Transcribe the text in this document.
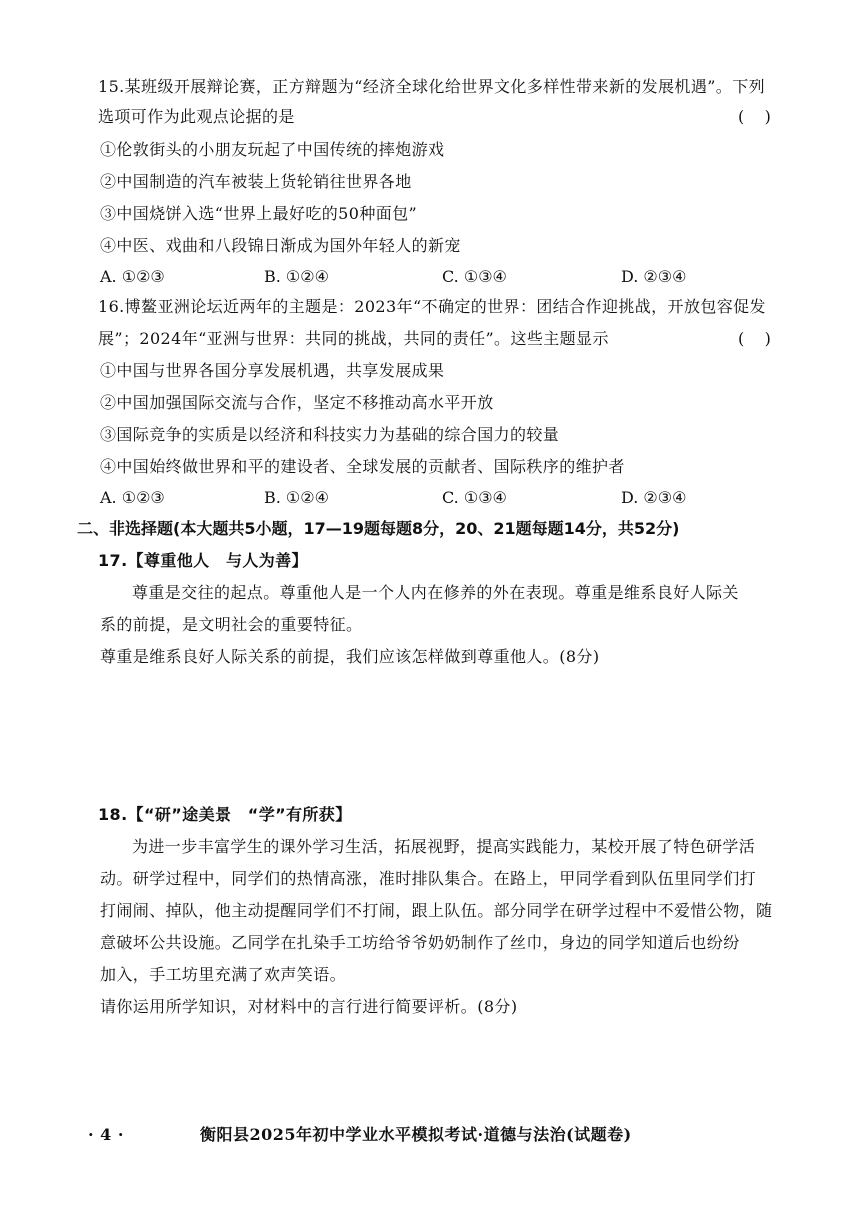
15.某班级开展辩论赛，正方辩题为“经济全球化给世界文化多样性带来新的发展机遇”。下列
选项可作为此观点论据的是	(    )
①伦敦街头的小朋友玩起了中国传统的摔炮游戏
②中国制造的汽车被装上货轮销往世界各地
③中国烧饼入选“世界上最好吃的50种面包”
④中医、戏曲和八段锦日渐成为国外年轻人的新宠
A. ①②③	B. ①②④	C. ①③④	D. ②③④
16.博鳌亚洲论坛近两年的主题是：2023年“不确定的世界：团结合作迎挑战，开放包容促发
展”；2024年“亚洲与世界：共同的挑战，共同的责任”。这些主题显示	(    )
①中国与世界各国分享发展机遇，共享发展成果
②中国加强国际交流与合作，坚定不移推动高水平开放
③国际竞争的实质是以经济和科技实力为基础的综合国力的较量
④中国始终做世界和平的建设者、全球发展的贡献者、国际秩序的维护者
A. ①②③	B. ①②④	C. ①③④	D. ②③④
二、非选择题(本大题共5小题，17—19题每题8分，20、21题每题14分，共52分)
17.【尊重他人　与人为善】
尊重是交往的起点。尊重他人是一个人内在修养的外在表现。尊重是维系良好人际关
系的前提，是文明社会的重要特征。
尊重是维系良好人际关系的前提，我们应该怎样做到尊重他人。(8分)
18.【“研”途美景　“学”有所获】
为进一步丰富学生的课外学习生活，拓展视野，提高实践能力，某校开展了特色研学活
动。研学过程中，同学们的热情高涨，准时排队集合。在路上，甲同学看到队伍里同学们打
打闹闹、掉队，他主动提醒同学们不打闹，跟上队伍。部分同学在研学过程中不爱惜公物，随
意破坏公共设施。乙同学在扎染手工坊给爷爷奶奶制作了丝巾，身边的同学知道后也纷纷
加入，手工坊里充满了欢声笑语。
请你运用所学知识，对材料中的言行进行简要评析。(8分)
· 4 ·	衡阳县2025年初中学业水平模拟考试·道德与法治(试题卷)
